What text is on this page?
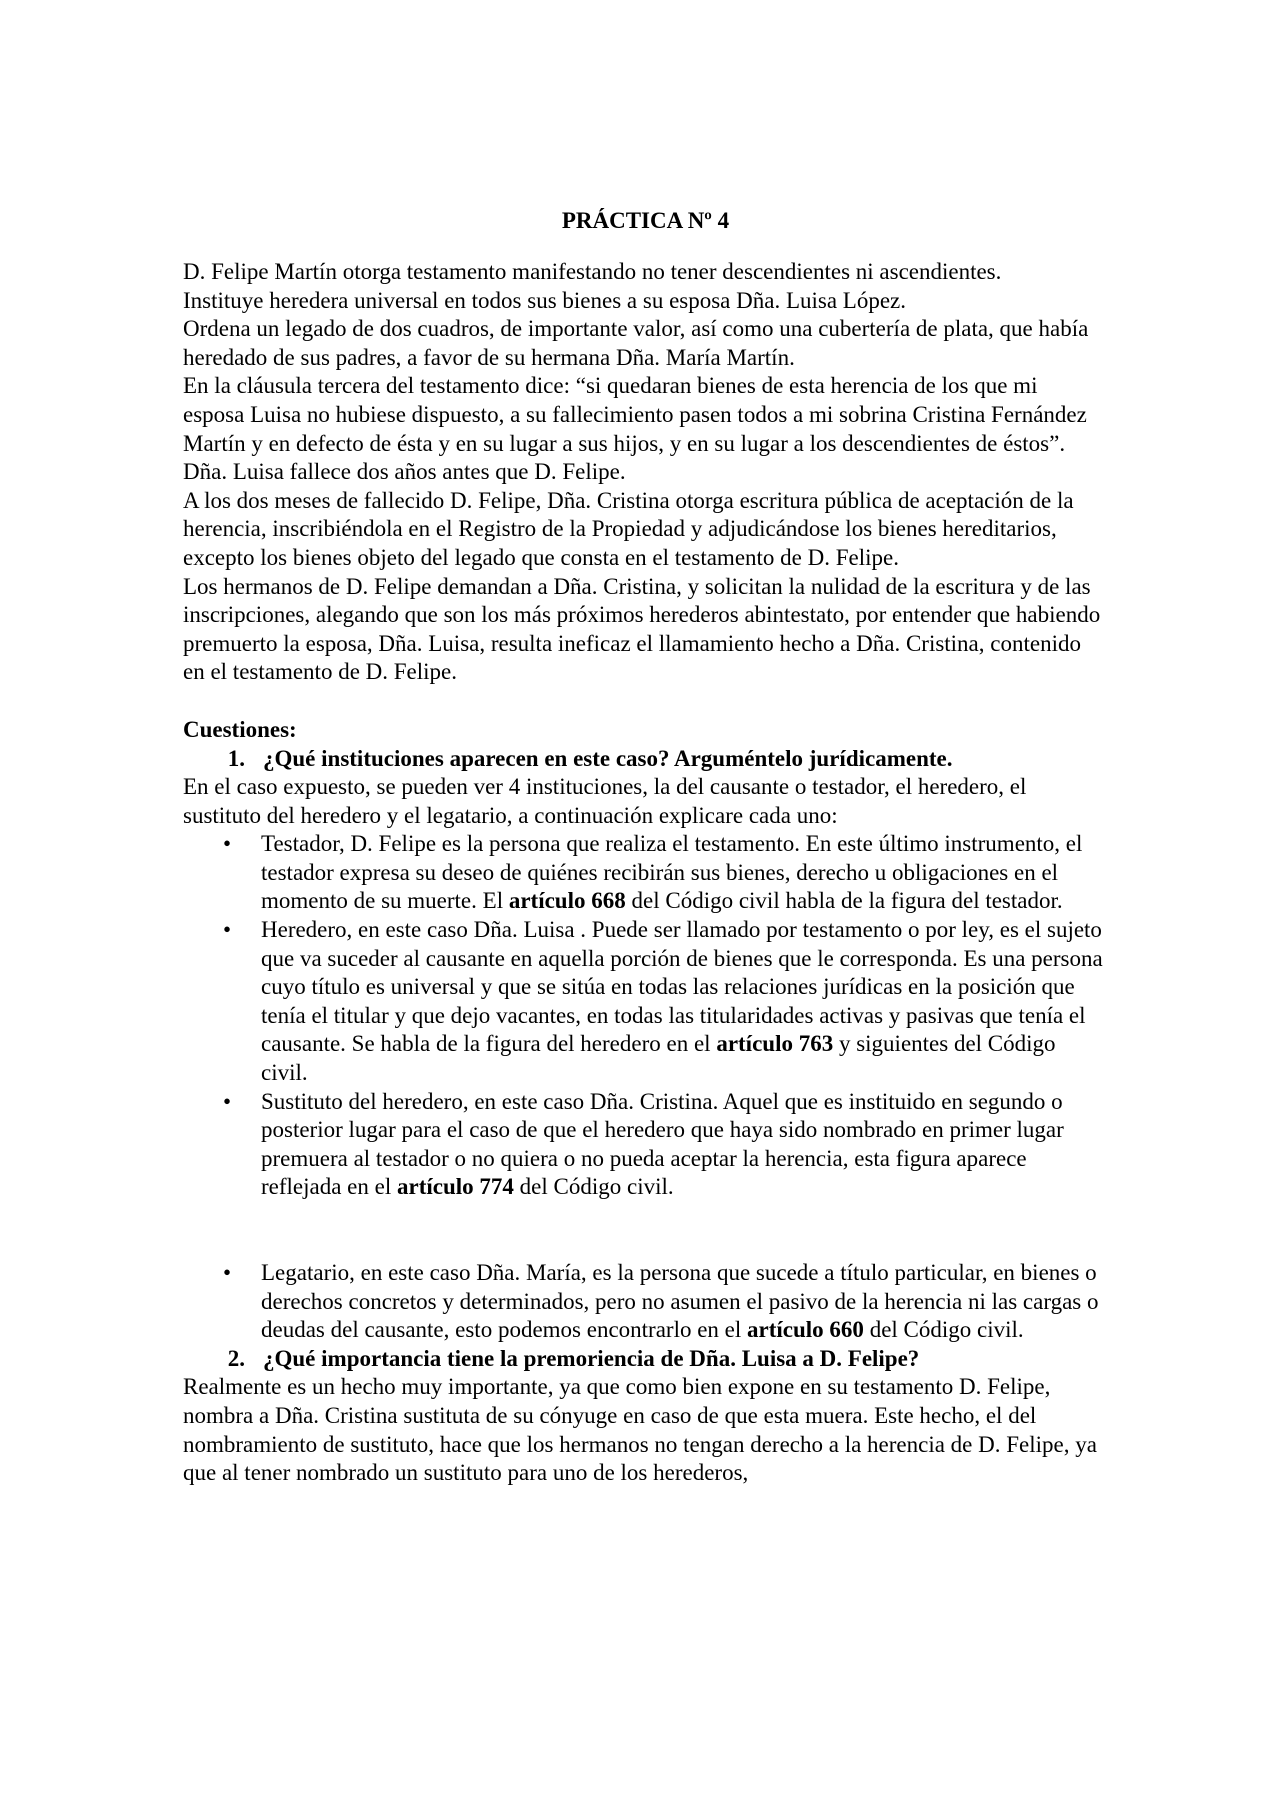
PRÁCTICA Nº 4

D. Felipe Martín otorga testamento manifestando no tener descendientes ni ascendientes.

Instituye heredera universal en todos sus bienes a su esposa Dña. Luisa López.

Ordena un legado de dos cuadros, de importante valor, así como una cubertería de plata, que había heredado de sus padres, a favor de su hermana Dña. María Martín.

En la cláusula tercera del testamento dice: “si quedaran bienes de esta herencia de los que mi esposa Luisa no hubiese dispuesto, a su fallecimiento pasen todos a mi sobrina Cristina Fernández Martín y en defecto de ésta y en su lugar a sus hijos, y en su lugar a los descendientes de éstos”.

Dña. Luisa fallece dos años antes que D. Felipe.

A los dos meses de fallecido D. Felipe, Dña. Cristina otorga escritura pública de aceptación de la herencia, inscribiéndola en el Registro de la Propiedad y adjudicándose los bienes hereditarios, excepto los bienes objeto del legado que consta en el testamento de D. Felipe.

Los hermanos de D. Felipe demandan a Dña. Cristina, y solicitan la nulidad de la escritura y de las inscripciones, alegando que son los más próximos herederos abintestato, por entender que habiendo premuerto la esposa, Dña. Luisa, resulta ineficaz el llamamiento hecho a Dña. Cristina, contenido en el testamento de D. Felipe.

Cuestiones:

1. ¿Qué instituciones aparecen en este caso? Arguméntelo jurídicamente.

En el caso expuesto, se pueden ver 4 instituciones, la del causante o testador, el heredero, el sustituto del heredero y el legatario, a continuación explicare cada uno:

• Testador, D. Felipe es la persona que realiza el testamento. En este último instrumento, el testador expresa su deseo de quiénes recibirán sus bienes, derecho u obligaciones en el momento de su muerte. El artículo 668 del Código civil habla de la figura del testador.
• Heredero, en este caso Dña. Luisa . Puede ser llamado por testamento o por ley, es el sujeto que va suceder al causante en aquella porción de bienes que le corresponda. Es una persona cuyo título es universal y que se sitúa en todas las relaciones jurídicas en la posición que tenía el titular y que dejo vacantes, en todas las titularidades activas y pasivas que tenía el causante. Se habla de la figura del heredero en el artículo 763 y siguientes del Código civil.
• Sustituto del heredero, en este caso Dña. Cristina. Aquel que es instituido en segundo o posterior lugar para el caso de que el heredero que haya sido nombrado en primer lugar premuera al testador o no quiera o no pueda aceptar la herencia, esta figura aparece reflejada en el artículo 774 del Código civil.
• Legatario, en este caso Dña. María, es la persona que sucede a título particular, en bienes o derechos concretos y determinados, pero no asumen el pasivo de la herencia ni las cargas o deudas del causante, esto podemos encontrarlo en el artículo 660 del Código civil.
2. ¿Qué importancia tiene la premoriencia de Dña. Luisa a D. Felipe?

Realmente es un hecho muy importante, ya que como bien expone en su testamento D. Felipe, nombra a Dña. Cristina sustituta de su cónyuge en caso de que esta muera. Este hecho, el del nombramiento de sustituto, hace que los hermanos no tengan derecho a la herencia de D. Felipe, ya que al tener nombrado un sustituto para uno de los herederos,
